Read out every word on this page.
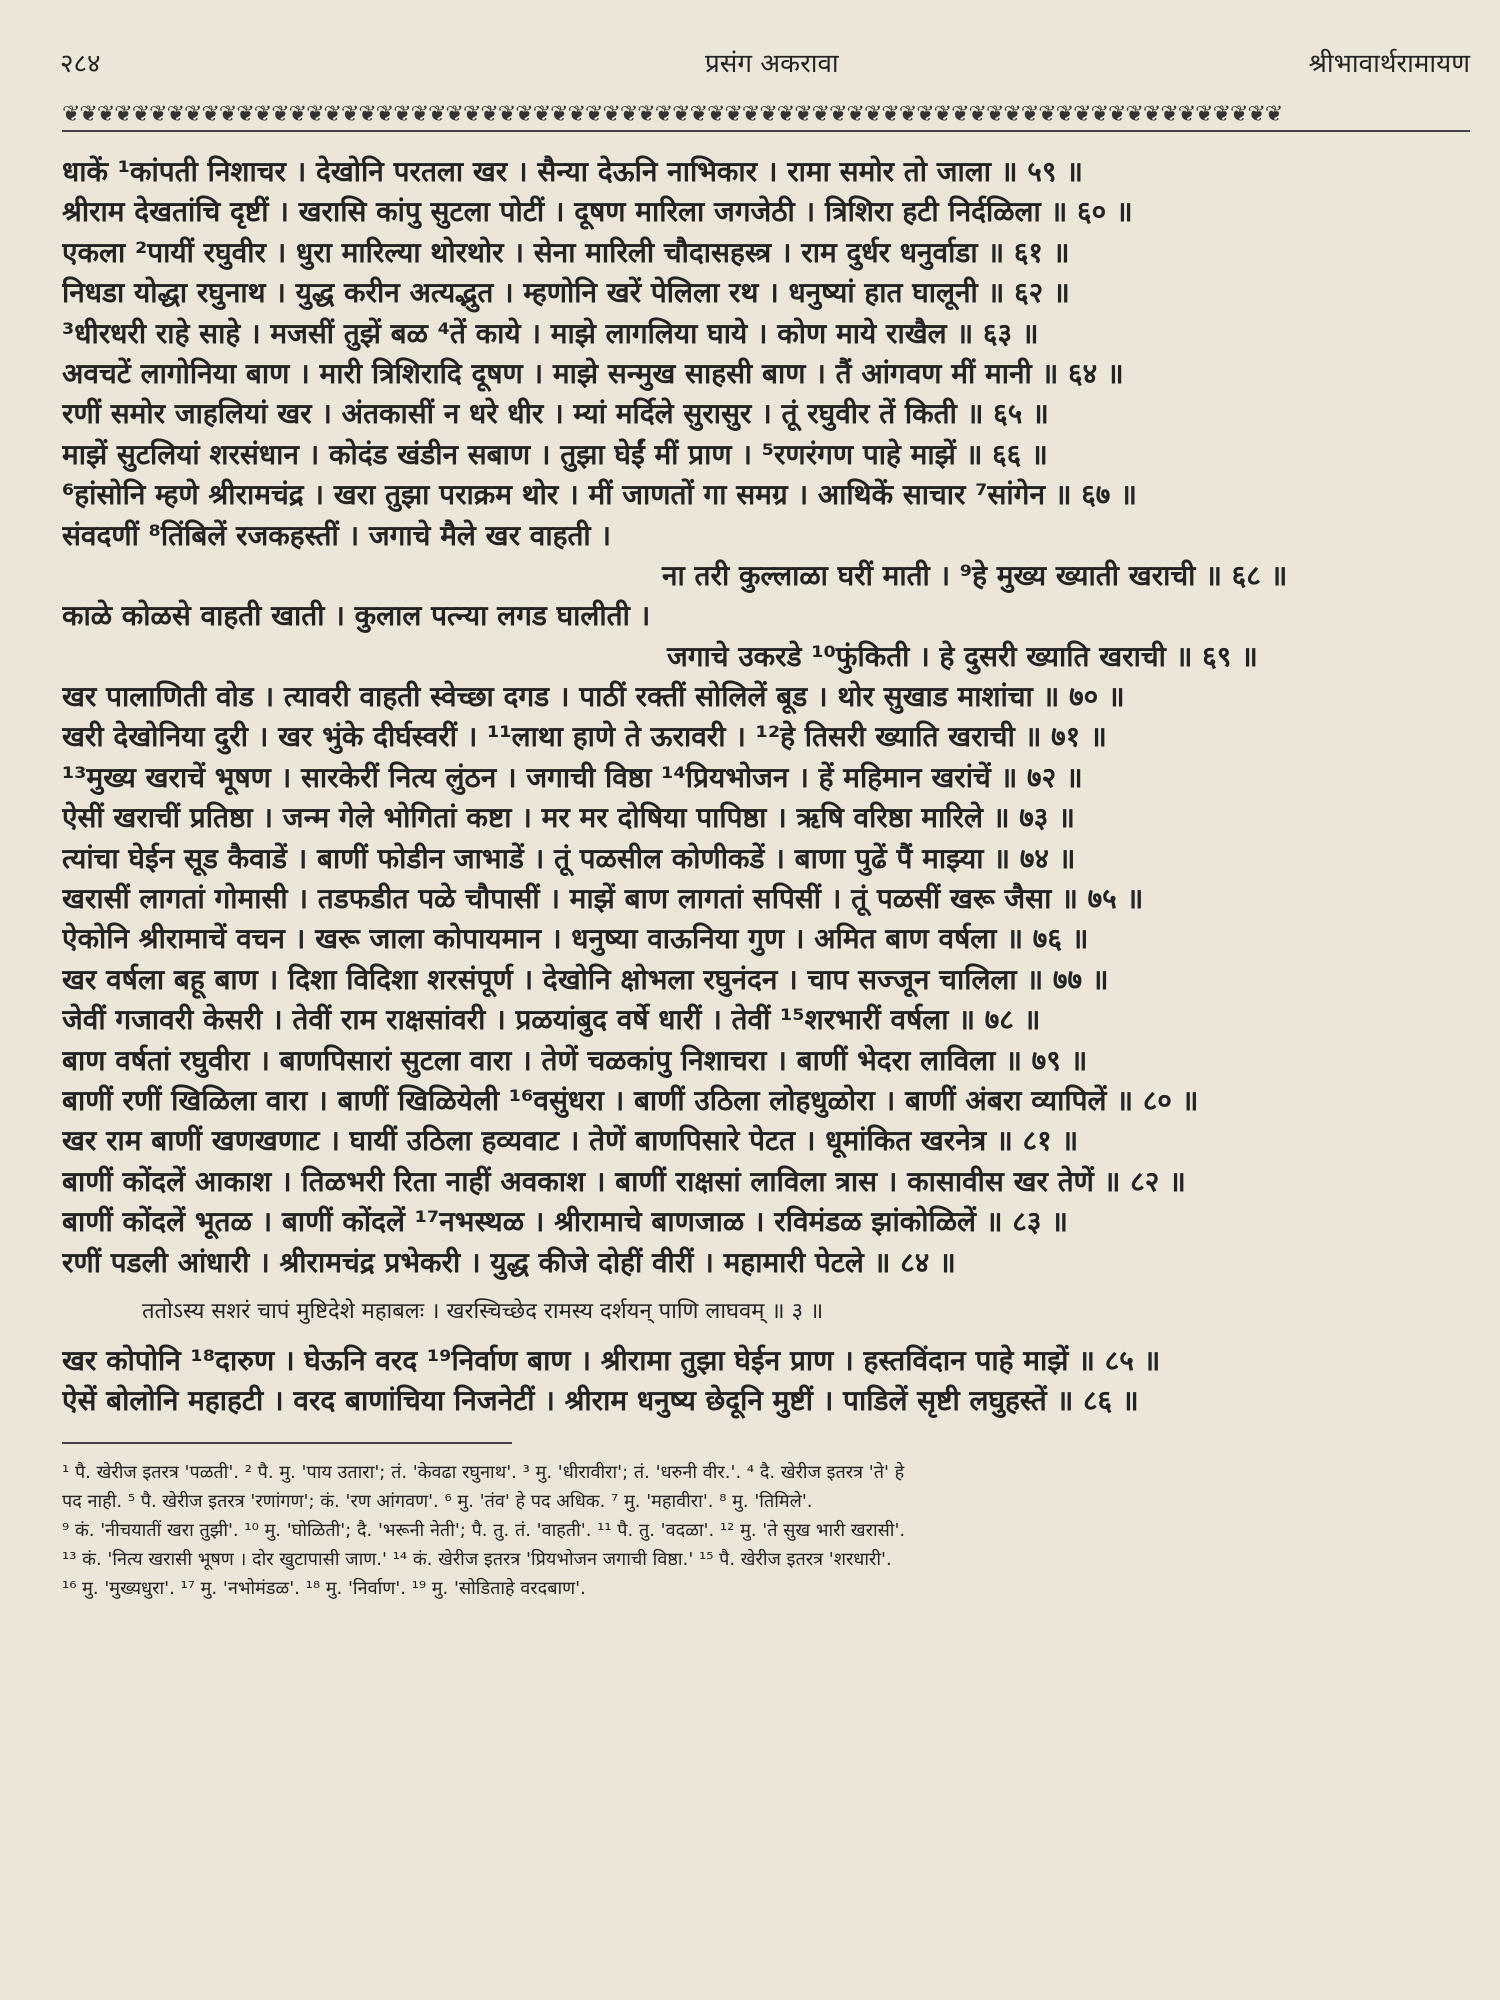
२८४	प्रसंग अकरावा	श्रीभावार्थरामायण
❦❦❦❦❦❦❦❦❦❦❦❦❦❦❦❦❦❦❦❦❦❦❦❦❦❦❦❦❦❦❦❦❦❦❦❦❦❦❦❦❦❦❦❦❦❦❦❦❦❦❦❦❦❦❦❦❦❦❦❦❦❦❦❦❦❦❦❦❦❦
धाकें ¹कांपती निशाचर । देखोनि परतला खर । सैन्या देऊनि नाभिकार । रामा समोर तो जाला ॥ ५९ ॥
श्रीराम देखतांचि दृष्टीं । खरासि कांपु सुटला पोटीं । दूषण मारिला जगजेठी । त्रिशिरा हटी निर्दळिला ॥ ६० ॥
एकला ²पायीं रघुवीर । धुरा मारिल्या थोरथोर । सेना मारिली चौदासहस्त्र । राम दुर्धर धनुर्वाडा ॥ ६१ ॥
निधडा योद्धा रघुनाथ । युद्ध करीन अत्यद्भुत । म्हणोनि खरें पेलिला रथ । धनुष्यां हात घालूनी ॥ ६२ ॥
³धीरधरी राहे साहे । मजसीं तुझें बळ ⁴तें काये । माझे लागलिया घाये । कोण माये राखैल ॥ ६३ ॥
अवचटें लागोनिया बाण । मारी त्रिशिरादि दूषण । माझे सन्मुख साहसी बाण । तैं आंगवण मीं मानी ॥ ६४ ॥
रणीं समोर जाहलियां खर । अंतकासीं न धरे धीर । म्यां मर्दिले सुरासुर । तूं रघुवीर तें किती ॥ ६५ ॥
माझें सुटलियां शरसंधान । कोदंड खंडीन सबाण । तुझा घेईं मीं प्राण । ⁵रणरंगण पाहे माझें ॥ ६६ ॥
⁶हांसोनि म्हणे श्रीरामचंद्र । खरा तुझा पराक्रम थोर । मीं जाणतों गा समग्र । आथिकें साचार ⁷सांगेन ॥ ६७ ॥
संवदणीं ⁸तिंबिलें रजकहस्तीं । जगाचे मैले खर वाहती ।
ना तरी कुल्लाळा घरीं माती । ⁹हे मुख्य ख्याती खराची ॥ ६८ ॥
काळे कोळसे वाहती खाती । कुलाल पत्न्या लगड घालीती ।
जगाचे उकरडे ¹⁰फुंकिती । हे दुसरी ख्याति खराची ॥ ६९ ॥
खर पालाणिती वोड । त्यावरी वाहती स्वेच्छा दगड । पाठीं रक्तीं सोलिलें बूड । थोर सुखाड माशांचा ॥ ७० ॥
खरी देखोनिया दुरी । खर भुंके दीर्घस्वरीं । ¹¹लाथा हाणे ते ऊरावरी । ¹²हे तिसरी ख्याति खराची ॥ ७१ ॥
¹³मुख्य खराचें भूषण । सारकेरीं नित्य लुंठन । जगाची विष्ठा ¹⁴प्रियभोजन । हें महिमान खरांचें ॥ ७२ ॥
ऐसीं खराचीं प्रतिष्ठा । जन्म गेले भोगितां कष्टा । मर मर दोषिया पापिष्ठा । ऋषि वरिष्ठा मारिले ॥ ७३ ॥
त्यांचा घेईन सूड कैवाडें । बाणीं फोडीन जाभाडें । तूं पळसील कोणीकडें । बाणा पुढें पैं माझ्या ॥ ७४ ॥
खरासीं लागतां गोमासी । तडफडीत पळे चौपासीं । माझें बाण लागतां सपिसीं । तूं पळसीं खरू जैसा ॥ ७५ ॥
ऐकोनि श्रीरामाचें वचन । खरू जाला कोपायमान । धनुष्या वाऊनिया गुण । अमित बाण वर्षला ॥ ७६ ॥
खर वर्षला बहू बाण । दिशा विदिशा शरसंपूर्ण । देखोनि क्षोभला रघुनंदन । चाप सज्जून चालिला ॥ ७७ ॥
जेवीं गजावरी केसरी । तेवीं राम राक्षसांवरी । प्रळयांबुद वर्षे धारीं । तेवीं ¹⁵शरभारीं वर्षला ॥ ७८ ॥
बाण वर्षतां रघुवीरा । बाणपिसारां सुटला वारा । तेणें चळकांपु निशाचरा । बाणीं भेदरा लाविला ॥ ७९ ॥
बाणीं रणीं खिळिला वारा । बाणीं खिळियेली ¹⁶वसुंधरा । बाणीं उठिला लोहधुळोरा । बाणीं अंबरा व्यापिलें ॥ ८० ॥
खर राम बाणीं खणखणाट । घायीं उठिला हव्यवाट । तेणें बाणपिसारे पेटत । धूमांकित खरनेत्र ॥ ८१ ॥
बाणीं कोंदलें आकाश । तिळभरी रिता नाहीं अवकाश । बाणीं राक्षसां लाविला त्रास । कासावीस खर तेणें ॥ ८२ ॥
बाणीं कोंदलें भूतळ । बाणीं कोंदलें ¹⁷नभस्थळ । श्रीरामाचे बाणजाळ । रविमंडळ झांकोळिलें ॥ ८३ ॥
रणीं पडली आंधारी । श्रीरामचंद्र प्रभेकरी । युद्ध कीजे दोहीं वीरीं । महामारी पेटले ॥ ८४ ॥
ततोऽस्य सशरं चापं मुष्टिदेशे महाबलः । खरस्चिच्छेद रामस्य दर्शयन् पाणि लाघवम् ॥ ३ ॥
खर कोपोनि ¹⁸दारुण । घेऊनि वरद ¹⁹निर्वाण बाण । श्रीरामा तुझा घेईन प्राण । हस्तविंदान पाहे माझें ॥ ८५ ॥
ऐसें बोलोनि महाहटी । वरद बाणांचिया निजनेटीं । श्रीराम धनुष्य छेदूनि मुष्टीं । पाडिलें सृष्टी लघुहस्तें ॥ ८६ ॥
¹ पै. खेरीज इतरत्र 'पळती'. ² पै. मु. 'पाय उतारा'; तं. 'केवढा रघुनाथ'. ³ मु. 'धीरावीरा'; तं. 'धरुनी वीर.'. ⁴ दै. खेरीज इतरत्र 'ते' हे
पद नाही. ⁵ पै. खेरीज इतरत्र 'रणांगण'; कं. 'रण आंगवण'. ⁶ मु. 'तंव' हे पद अधिक. ⁷ मु. 'महावीरा'. ⁸ मु. 'तिमिले'.
⁹ कं. 'नीचयातीं खरा तुझी'. ¹⁰ मु. 'घोळिती'; दै. 'भरूनी नेती'; पै. तु. तं. 'वाहती'. ¹¹ पै. तु. 'वदळा'. ¹² मु. 'ते सुख भारी खरासी'.
¹³ कं. 'नित्य खरासी भूषण । दोर खुटापासी जाण.' ¹⁴ कं. खेरीज इतरत्र 'प्रियभोजन जगाची विष्ठा.' ¹⁵ पै. खेरीज इतरत्र 'शरधारी'.
¹⁶ मु. 'मुख्यधुरा'. ¹⁷ मु. 'नभोमंडळ'. ¹⁸ मु. 'निर्वाण'. ¹⁹ मु. 'सोडिताहे वरदबाण'.
